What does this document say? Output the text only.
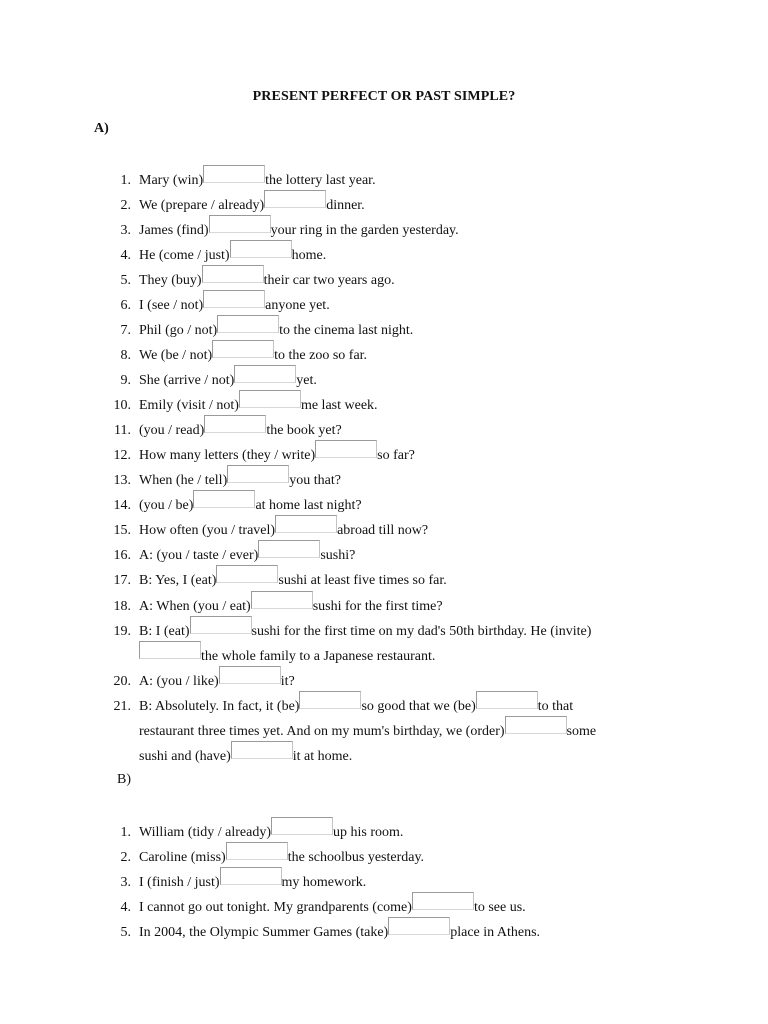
PRESENT PERFECT OR PAST SIMPLE?
A)
B)
1. Mary (win)	the lottery last year.
2. We (prepare / already)	dinner.
3. James (find)	your ring in the garden yesterday.
4. He (come / just)	home.
5. They (buy)	their car two years ago.
6. I (see / not)	anyone yet.
7. Phil (go / not)	to the cinema last night.
8. We (be / not)	to the zoo so far.
9. She (arrive / not)	yet.
10. Emily (visit / not)	me last week.
11. (you / read)	the book yet?
12. How many letters (they / write)	so far?
13. When (he / tell)	you that?
14. (you / be)	at home last night?
15. How often (you / travel)	abroad till now?
16. A: (you / taste / ever)	sushi?
17. B: Yes, I (eat)	sushi at least five times so far.
18. A: When (you / eat)	sushi for the first time?
19. B: I (eat)	sushi for the first time on my dad's 50th birthday. He (invite)
the whole family to a Japanese restaurant.
20. A: (you / like)	it?
21. B: Absolutely. In fact, it (be)	so good that we (be)	to that
restaurant three times yet. And on my mum's birthday, we (order)	some
sushi and (have)	it at home.
1. William (tidy / already)	up his room.
2. Caroline (miss)	the schoolbus yesterday.
3. I (finish / just)	my homework.
4. I cannot go out tonight. My grandparents (come)	to see us.
5. In 2004, the Olympic Summer Games (take)	place in Athens.
